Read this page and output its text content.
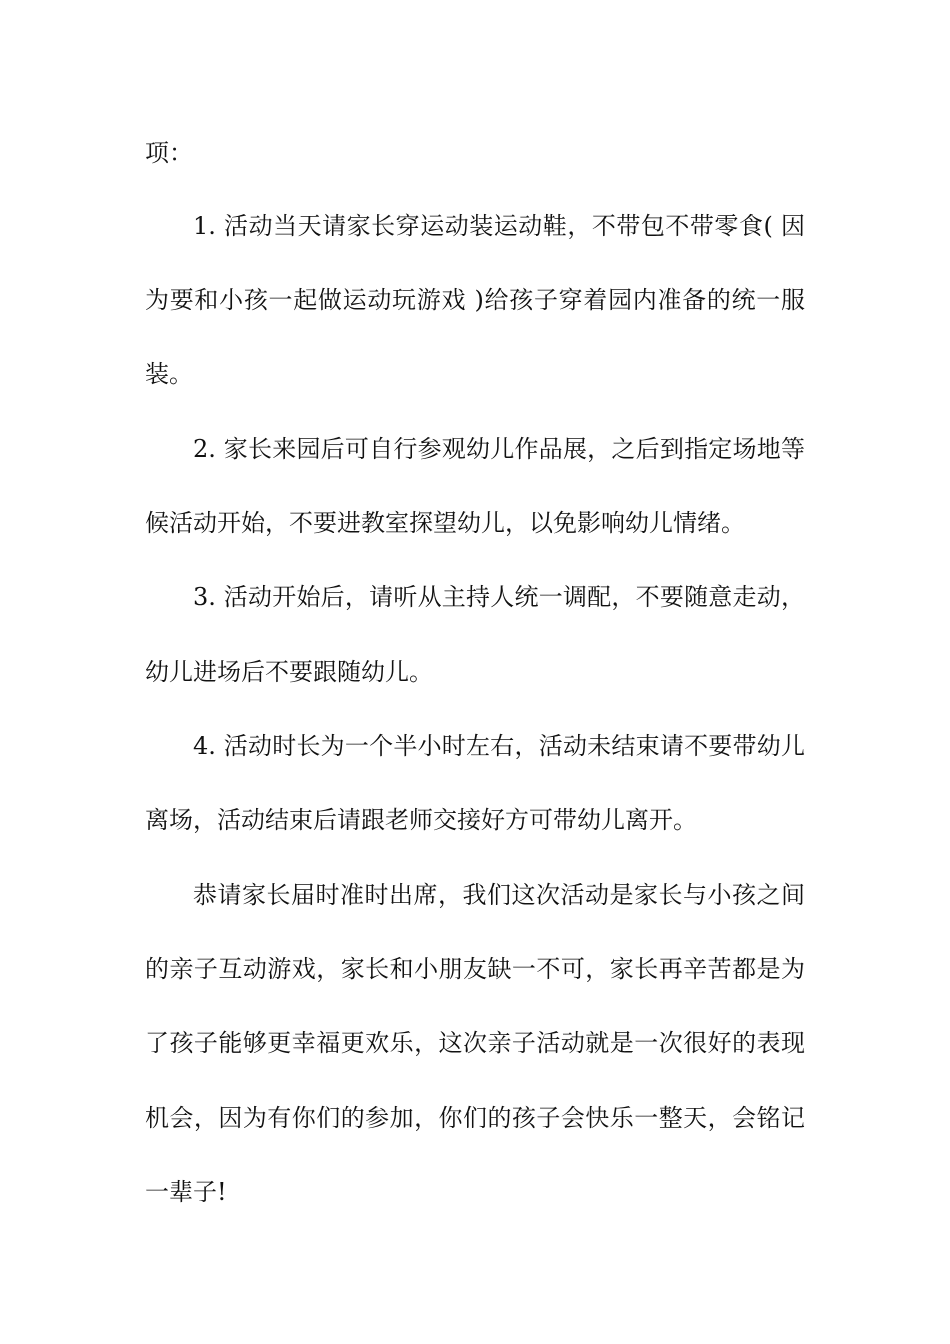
项：
1. 活动当天请家长穿运动装运动鞋，不带包不带零食( 因
为要和小孩一起做运动玩游戏 )给孩子穿着园内准备的统一服
装。
2. 家长来园后可自行参观幼儿作品展，之后到指定场地等
候活动开始，不要进教室探望幼儿，以免影响幼儿情绪。
3. 活动开始后，请听从主持人统一调配，不要随意走动，
幼儿进场后不要跟随幼儿。
4. 活动时长为一个半小时左右，活动未结束请不要带幼儿
离场，活动结束后请跟老师交接好方可带幼儿离开。
恭请家长届时准时出席，我们这次活动是家长与小孩之间
的亲子互动游戏，家长和小朋友缺一不可，家长再辛苦都是为
了孩子能够更幸福更欢乐，这次亲子活动就是一次很好的表现
机会，因为有你们的参加，你们的孩子会快乐一整天，会铭记
一辈子!
